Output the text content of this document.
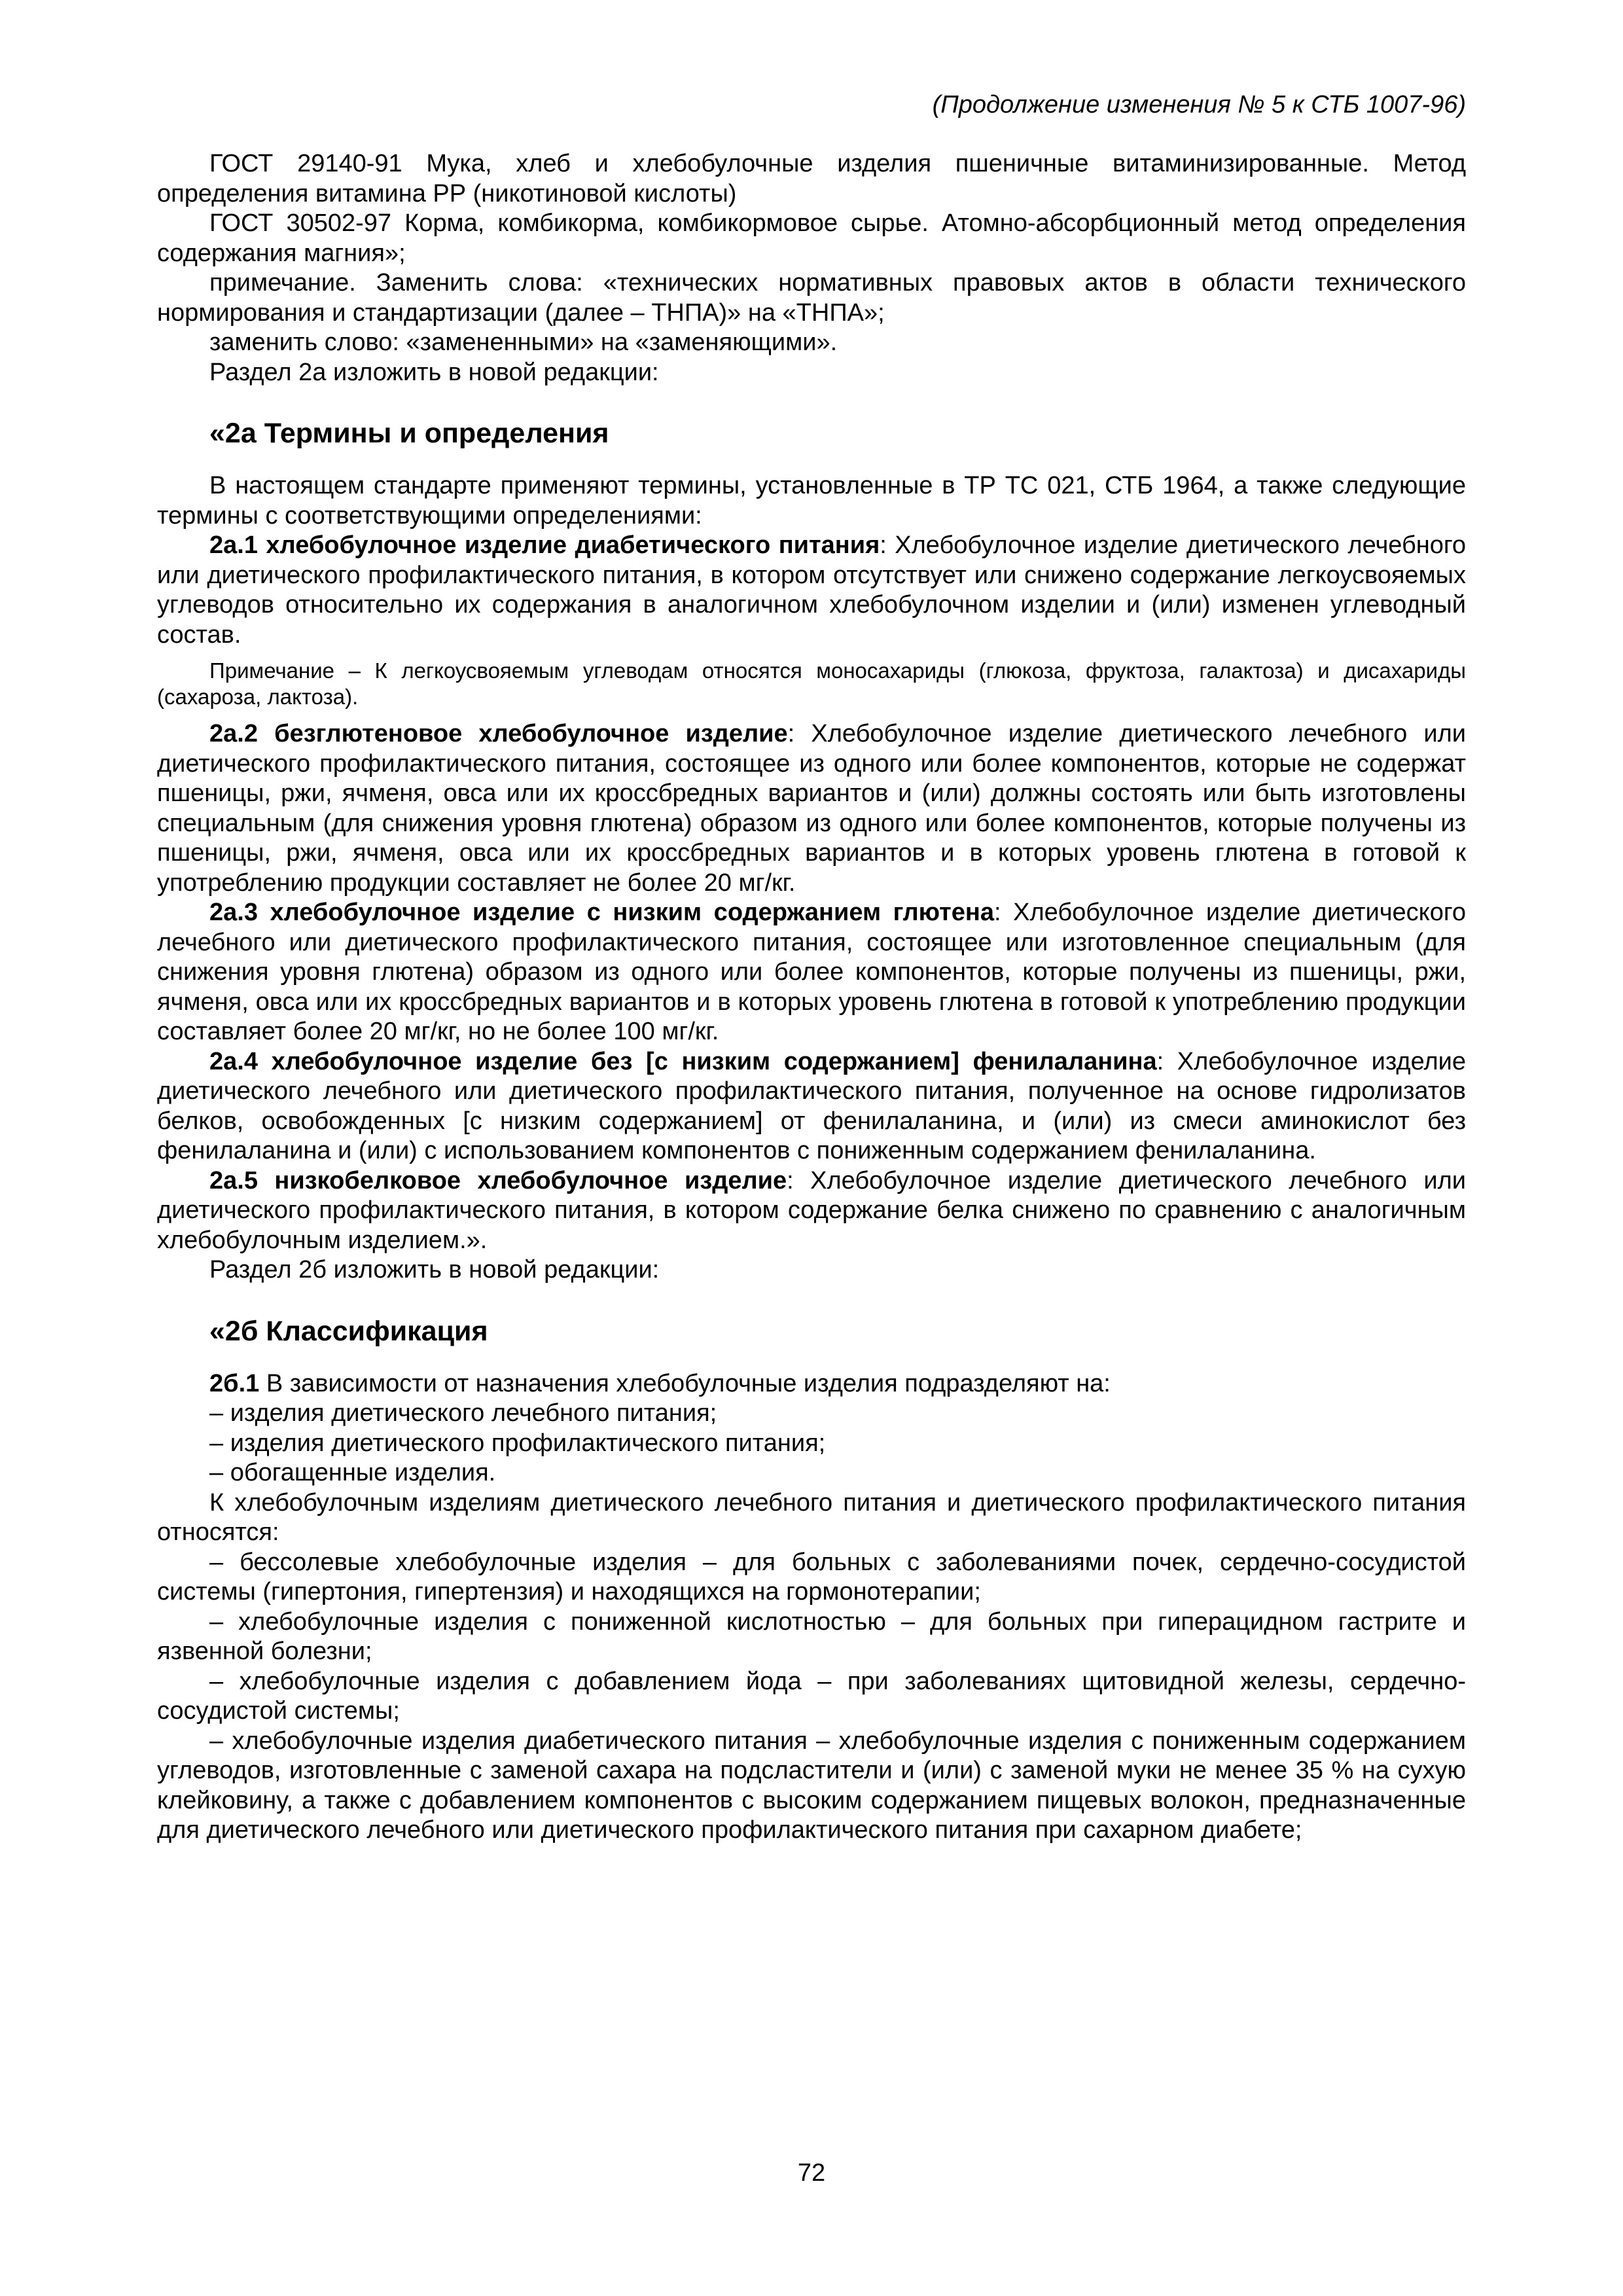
(Продолжение изменения № 5 к СТБ 1007-96)

ГОСТ 29140-91 Мука, хлеб и хлебобулочные изделия пшеничные витаминизированные. Метод определения витамина РР (никотиновой кислоты)

ГОСТ 30502-97 Корма, комбикорма, комбикормовое сырье. Атомно-абсорбционный метод определения содержания магния»;

примечание. Заменить слова: «технических нормативных правовых актов в области технического нормирования и стандартизации (далее – ТНПА)» на «ТНПА»;

заменить слово: «замененными» на «заменяющими».

Раздел 2а изложить в новой редакции:

«2а Термины и определения

В настоящем стандарте применяют термины, установленные в ТР ТС 021, СТБ 1964, а также следующие термины с соответствующими определениями:

2а.1 хлебобулочное изделие диабетического питания: Хлебобулочное изделие диетического лечебного или диетического профилактического питания, в котором отсутствует или снижено содержание легкоусвояемых углеводов относительно их содержания в аналогичном хлебобулочном изделии и (или) изменен углеводный состав.

Примечание – К легкоусвояемым углеводам относятся моносахариды (глюкоза, фруктоза, галактоза) и дисахариды (сахароза, лактоза).

2а.2 безглютеновое хлебобулочное изделие: Хлебобулочное изделие диетического лечебного или диетического профилактического питания, состоящее из одного или более компонентов, которые не содержат пшеницы, ржи, ячменя, овса или их кроссбредных вариантов и (или) должны состоять или быть изготовлены специальным (для снижения уровня глютена) образом из одного или более компонентов, которые получены из пшеницы, ржи, ячменя, овса или их кроссбредных вариантов и в которых уровень глютена в готовой к употреблению продукции составляет не более 20 мг/кг.

2а.3 хлебобулочное изделие с низким содержанием глютена: Хлебобулочное изделие диетического лечебного или диетического профилактического питания, состоящее или изготовленное специальным (для снижения уровня глютена) образом из одного или более компонентов, которые получены из пшеницы, ржи, ячменя, овса или их кроссбредных вариантов и в которых уровень глютена в готовой к употреблению продукции составляет более 20 мг/кг, но не более 100 мг/кг.

2а.4 хлебобулочное изделие без [с низким содержанием] фенилаланина: Хлебобулочное изделие диетического лечебного или диетического профилактического питания, полученное на основе гидролизатов белков, освобожденных [с низким содержанием] от фенилаланина, и (или) из смеси аминокислот без фенилаланина и (или) с использованием компонентов с пониженным содержанием фенилаланина.

2а.5 низкобелковое хлебобулочное изделие: Хлебобулочное изделие диетического лечебного или диетического профилактического питания, в котором содержание белка снижено по сравнению с аналогичным хлебобулочным изделием.».

Раздел 2б изложить в новой редакции:

«2б Классификация

2б.1 В зависимости от назначения хлебобулочные изделия подразделяют на:

– изделия диетического лечебного питания;

– изделия диетического профилактического питания;

– обогащенные изделия.

К хлебобулочным изделиям диетического лечебного питания и диетического профилактического питания относятся:

– бессолевые хлебобулочные изделия – для больных с заболеваниями почек, сердечно-сосудистой системы (гипертония, гипертензия) и находящихся на гормонотерапии;

– хлебобулочные изделия с пониженной кислотностью – для больных при гиперацидном гастрите и язвенной болезни;

– хлебобулочные изделия с добавлением йода – при заболеваниях щитовидной железы, сердечно-сосудистой системы;

– хлебобулочные изделия диабетического питания – хлебобулочные изделия с пониженным содержанием углеводов, изготовленные с заменой сахара на подсластители и (или) с заменой муки не менее 35 % на сухую клейковину, а также с добавлением компонентов с высоким содержанием пищевых волокон, предназначенные для диетического лечебного или диетического профилактического питания при сахарном диабете;

72
